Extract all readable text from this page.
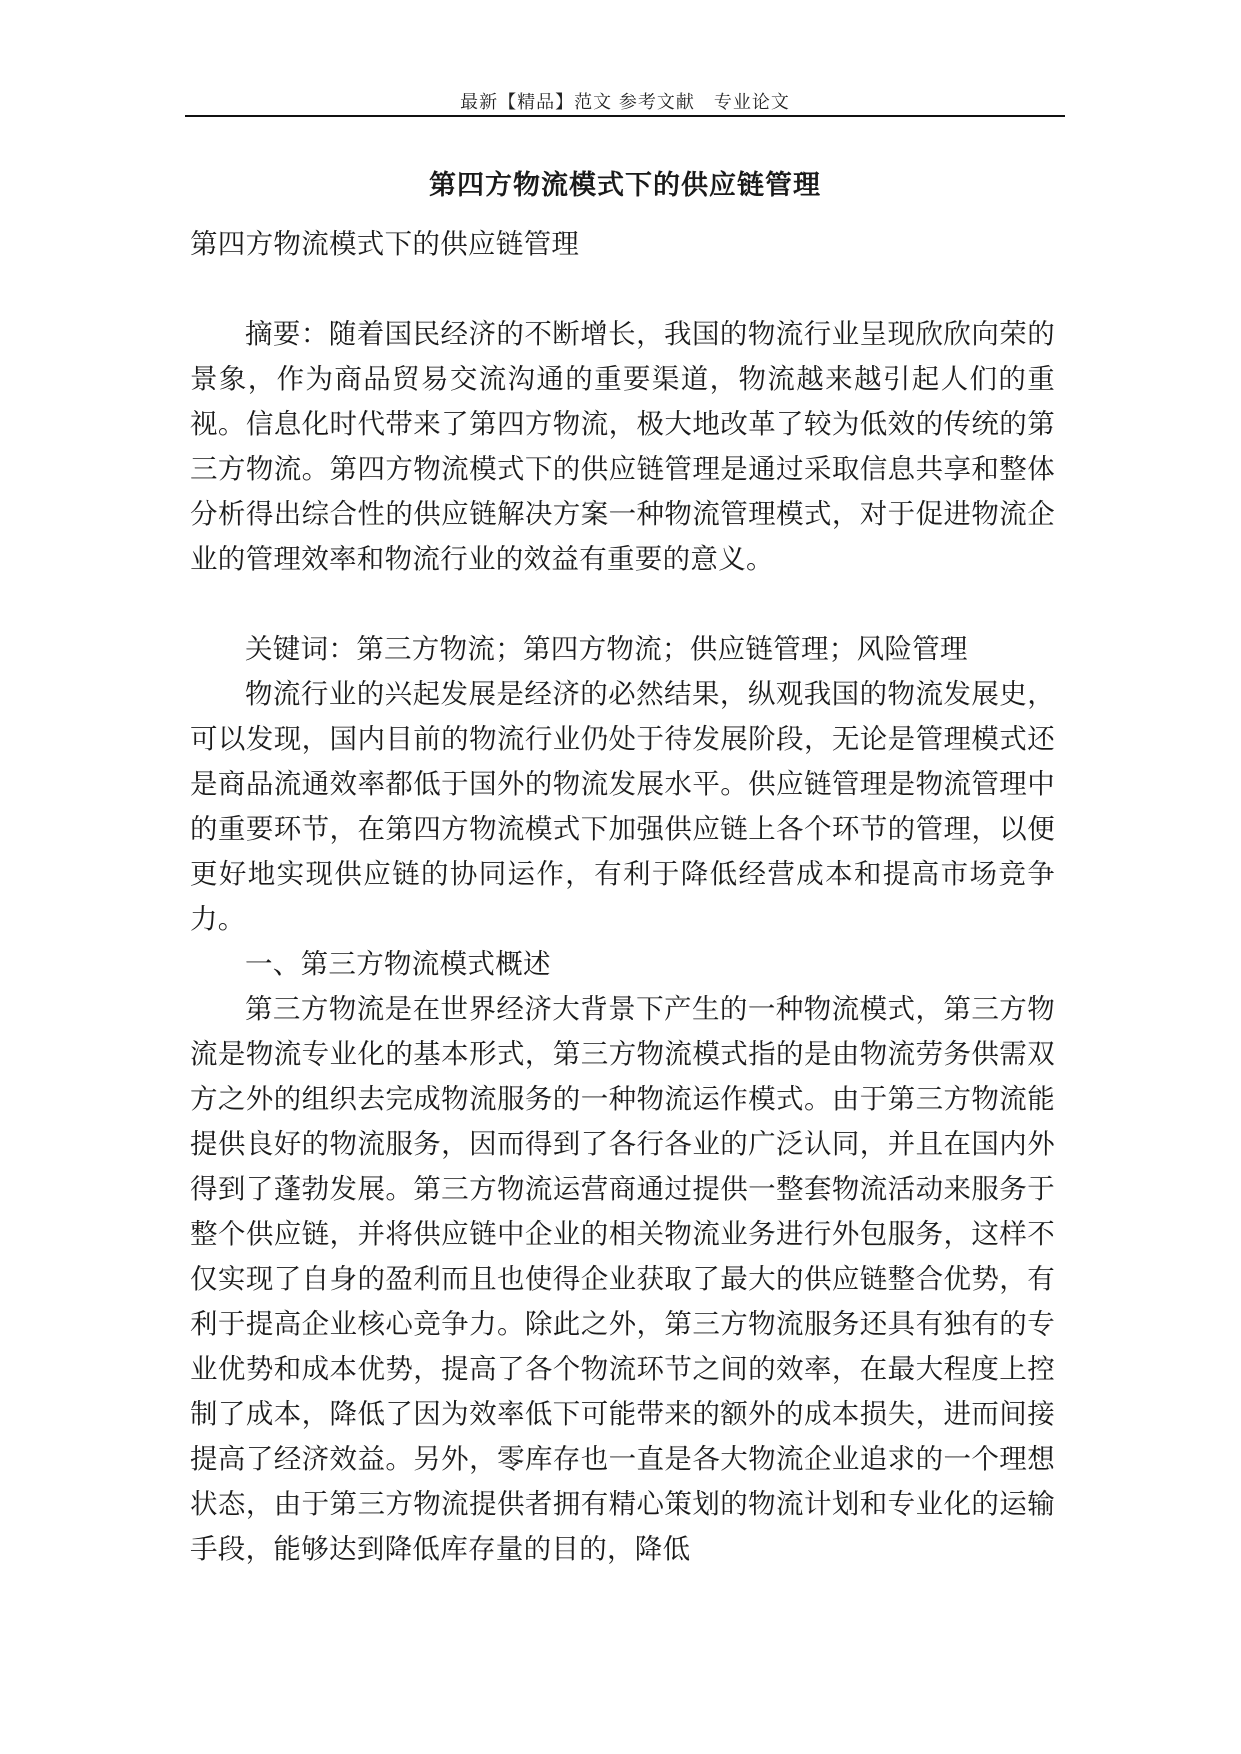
最新【精品】范文 参考文献　专业论文
第四方物流模式下的供应链管理

第四方物流模式下的供应链管理

摘要：随着国民经济的不断增长，我国的物流行业呈现欣欣向荣的景象，作为商品贸易交流沟通的重要渠道，物流越来越引起人们的重视。信息化时代带来了第四方物流，极大地改革了较为低效的传统的第三方物流。第四方物流模式下的供应链管理是通过采取信息共享和整体分析得出综合性的供应链解决方案一种物流管理模式，对于促进物流企业的管理效率和物流行业的效益有重要的意义。

关键词：第三方物流；第四方物流；供应链管理；风险管理

物流行业的兴起发展是经济的必然结果，纵观我国的物流发展史，可以发现，国内目前的物流行业仍处于待发展阶段，无论是管理模式还是商品流通效率都低于国外的物流发展水平。供应链管理是物流管理中的重要环节，在第四方物流模式下加强供应链上各个环节的管理，以便更好地实现供应链的协同运作，有利于降低经营成本和提高市场竞争力。

一、第三方物流模式概述

第三方物流是在世界经济大背景下产生的一种物流模式，第三方物流是物流专业化的基本形式，第三方物流模式指的是由物流劳务供需双方之外的组织去完成物流服务的一种物流运作模式。由于第三方物流能提供良好的物流服务，因而得到了各行各业的广泛认同，并且在国内外得到了蓬勃发展。第三方物流运营商通过提供一整套物流活动来服务于整个供应链，并将供应链中企业的相关物流业务进行外包服务，这样不仅实现了自身的盈利而且也使得企业获取了最大的供应链整合优势，有利于提高企业核心竞争力。除此之外，第三方物流服务还具有独有的专业优势和成本优势，提高了各个物流环节之间的效率，在最大程度上控制了成本，降低了因为效率低下可能带来的额外的成本损失，进而间接提高了经济效益。另外，零库存也一直是各大物流企业追求的一个理想状态，由于第三方物流提供者拥有精心策划的物流计划和专业化的运输手段，能够达到降低库存量的目的，降低
